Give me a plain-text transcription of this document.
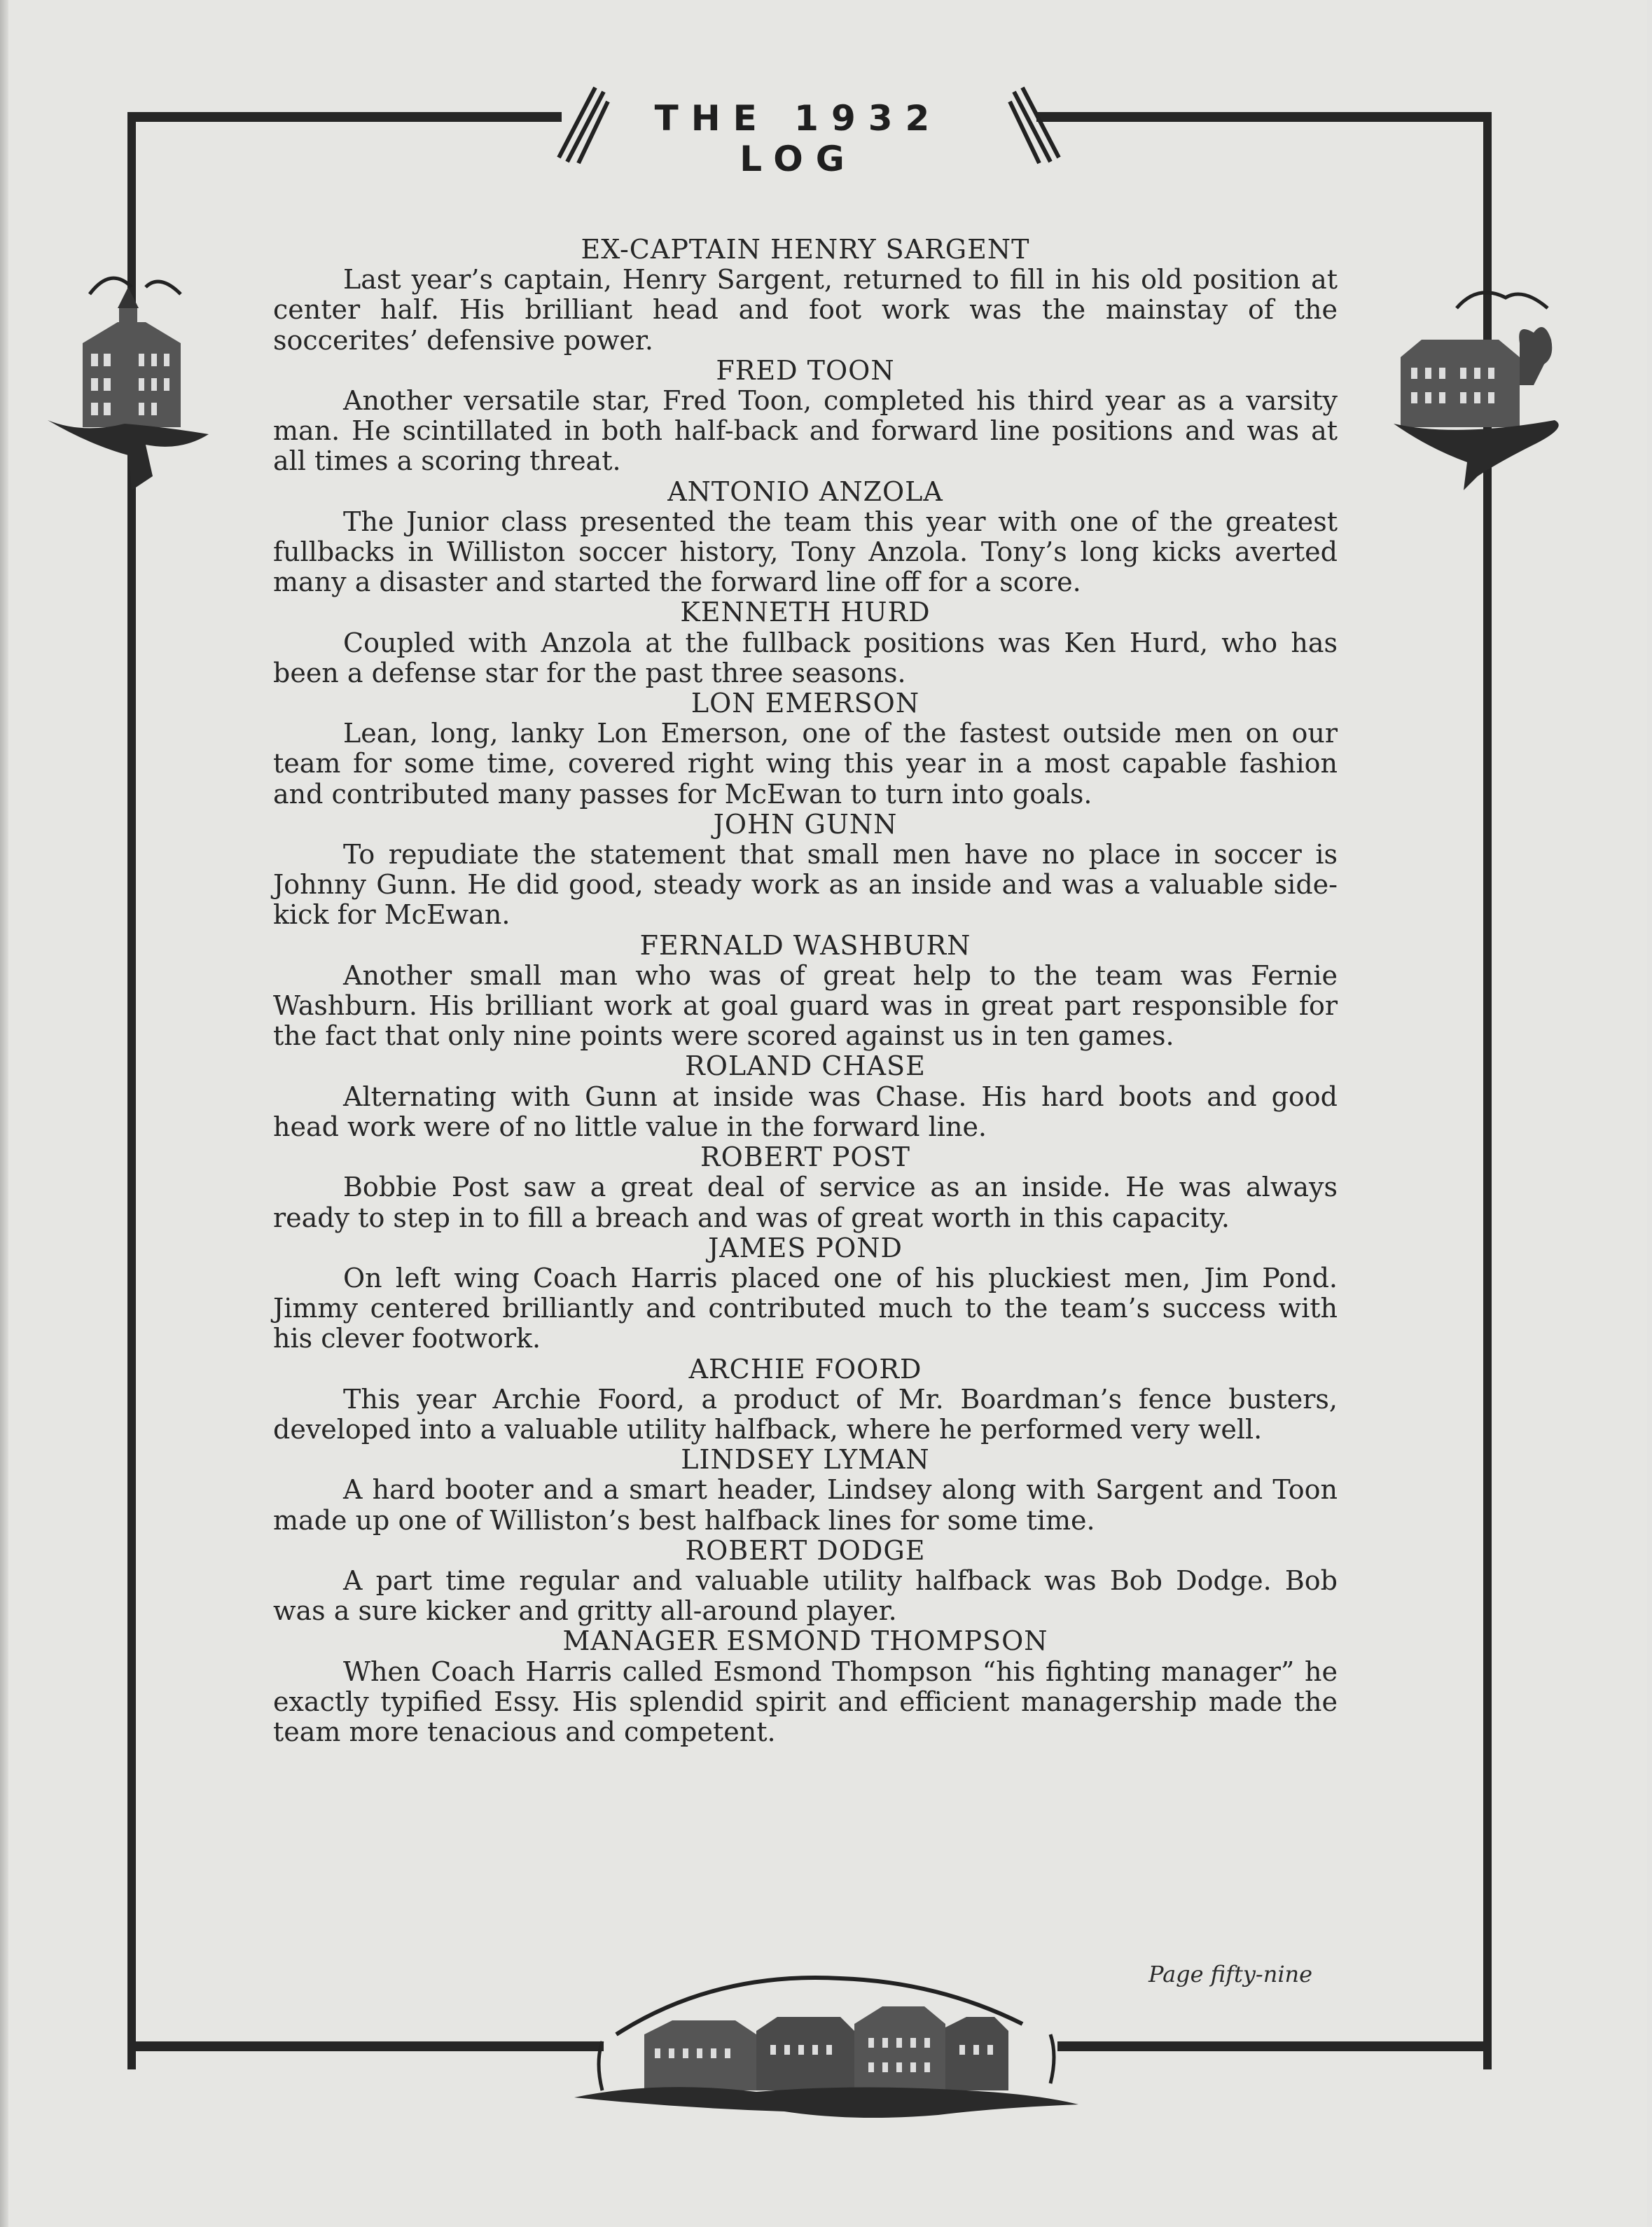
THE 1932 LOG
EX-CAPTAIN HENRY SARGENT

Last year’s captain, Henry Sargent, returned to fill in his old position at center half. His brilliant head and foot work was the mainstay of the soccerites’ defensive power.

FRED TOON

Another versatile star, Fred Toon, completed his third year as a varsity man. He scintillated in both half-back and forward line positions and was at all times a scoring threat.

ANTONIO ANZOLA

The Junior class presented the team this year with one of the greatest fullbacks in Williston soccer history, Tony Anzola. Tony’s long kicks averted many a disaster and started the forward line off for a score.

KENNETH HURD

Coupled with Anzola at the fullback positions was Ken Hurd, who has been a defense star for the past three seasons.

LON EMERSON

Lean, long, lanky Lon Emerson, one of the fastest outside men on our team for some time, covered right wing this year in a most capable fashion and contributed many passes for McEwan to turn into goals.

JOHN GUNN

To repudiate the statement that small men have no place in soccer is Johnny Gunn. He did good, steady work as an inside and was a valuable side-kick for McEwan.

FERNALD WASHBURN

Another small man who was of great help to the team was Fernie Washburn. His brilliant work at goal guard was in great part responsible for the fact that only nine points were scored against us in ten games.

ROLAND CHASE

Alternating with Gunn at inside was Chase. His hard boots and good head work were of no little value in the forward line.

ROBERT POST

Bobbie Post saw a great deal of service as an inside. He was always ready to step in to fill a breach and was of great worth in this capacity.

JAMES POND

On left wing Coach Harris placed one of his pluckiest men, Jim Pond. Jimmy centered brilliantly and contributed much to the team’s success with his clever footwork.

ARCHIE FOORD

This year Archie Foord, a product of Mr. Boardman’s fence busters, developed into a valuable utility halfback, where he performed very well.

LINDSEY LYMAN

A hard booter and a smart header, Lindsey along with Sargent and Toon made up one of Williston’s best halfback lines for some time.

ROBERT DODGE

A part time regular and valuable utility halfback was Bob Dodge. Bob was a sure kicker and gritty all-around player.

MANAGER ESMOND THOMPSON

When Coach Harris called Esmond Thompson “his fighting manager” he exactly typified Essy. His splendid spirit and efficient managership made the team more tenacious and competent.

Page fifty-nine
